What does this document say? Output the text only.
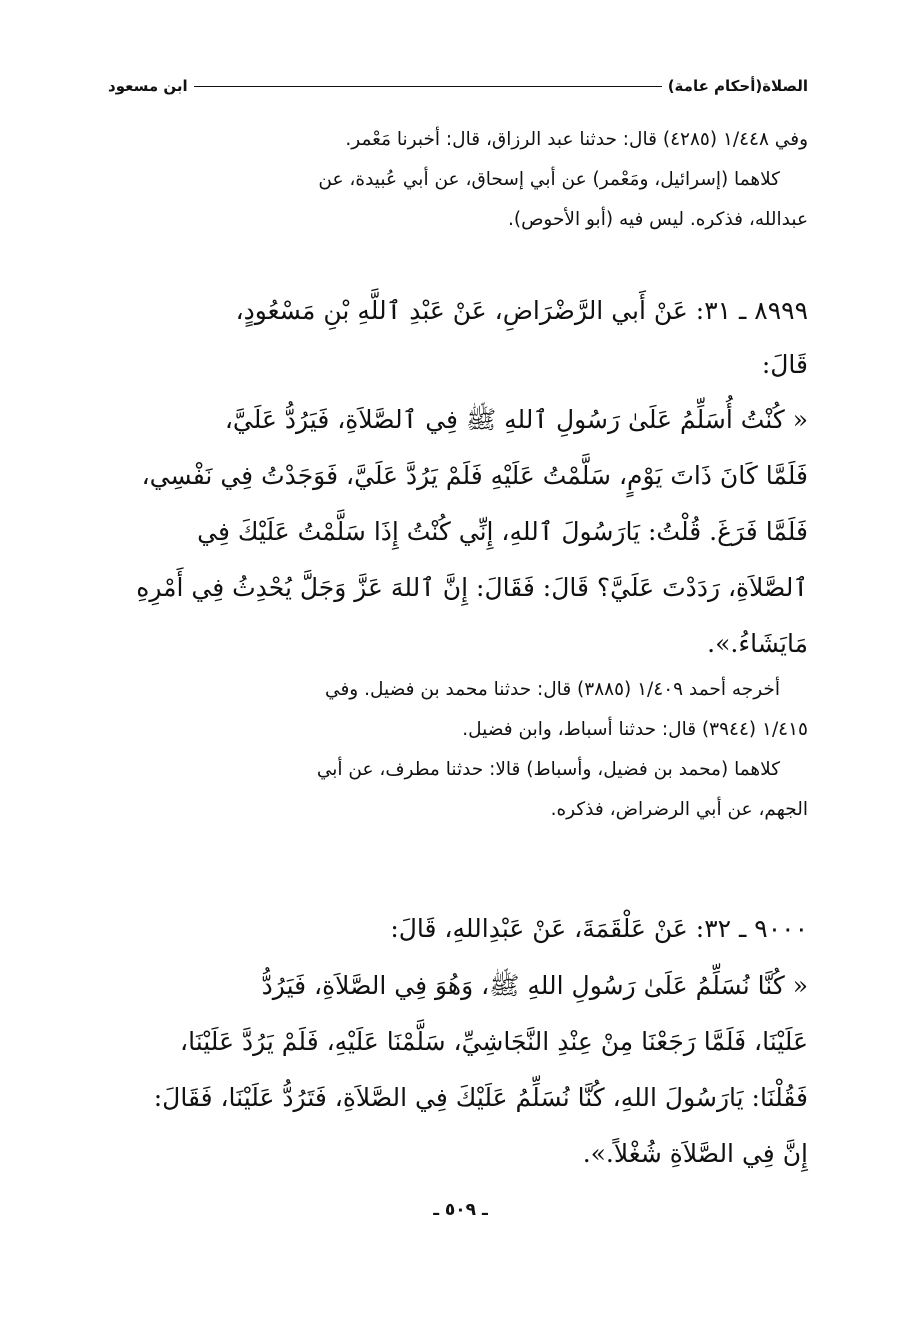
الصلاة(أحكام عامة)
ابن مسعود
وفي ١/٤٤٨ (٤٢٨٥) قال: حدثنا عبد الرزاق، قال: أخبرنا مَعْمر.
كلاهما (إسرائيل، ومَعْمر) عن أبي إسحاق، عن أبي عُبيدة، عن
عبدالله، فذكره. ليس فيه (أبو الأحوص).
٨٩٩٩ ـ ٣١: عَنْ أَبي الرَّضْرَاضِ، عَنْ عَبْدِ ٱللَّهِ بْنِ مَسْعُودٍ،
قَالَ:
« كُنْتُ أُسَلِّمُ عَلَىٰ رَسُولِ ٱللهِ ﷺ فِي ٱلصَّلاَةِ، فَيَرُدُّ عَلَيَّ،
فَلَمَّا كَانَ ذَاتَ يَوْمٍ، سَلَّمْتُ عَلَيْهِ فَلَمْ يَرُدَّ عَلَيَّ، فَوَجَدْتُ فِي نَفْسِي،
فَلَمَّا فَرَغَ. قُلْتُ: يَارَسُولَ ٱللهِ، إِنِّي كُنْتُ إِذَا سَلَّمْتُ عَلَيْكَ فِي
ٱلصَّلاَةِ، رَدَدْتَ عَلَيَّ؟ قَالَ: فَقَالَ: إِنَّ ٱللهَ عَزَّ وَجَلَّ يُحْدِثُ فِي أَمْرِهِ
مَايَشَاءُ.».
أخرجه أحمد ١/٤٠٩ (٣٨٨٥) قال: حدثنا محمد بن فضيل. وفي
١/٤١٥ (٣٩٤٤) قال: حدثنا أسباط، وابن فضيل.
كلاهما (محمد بن فضيل، وأسباط) قالا: حدثنا مطرف، عن أبي
الجهم، عن أبي الرضراض، فذكره.
٩٠٠٠ ـ ٣٢: عَنْ عَلْقَمَةَ، عَنْ عَبْدِاللهِ، قَالَ:
« كُنَّا نُسَلِّمُ عَلَىٰ رَسُولِ اللهِ ﷺ، وَهُوَ فِي الصَّلاَةِ، فَيَرُدُّ
عَلَيْنَا، فَلَمَّا رَجَعْنَا مِنْ عِنْدِ النَّجَاشِيِّ، سَلَّمْنَا عَلَيْهِ، فَلَمْ يَرُدَّ عَلَيْنَا،
فَقُلْنَا: يَارَسُولَ اللهِ، كُنَّا نُسَلِّمُ عَلَيْكَ فِي الصَّلاَةِ، فَتَرُدُّ عَلَيْنَا، فَقَالَ:
إِنَّ فِي الصَّلاَةِ شُغْلاً.».
ـ ٥٠٩ ـ
